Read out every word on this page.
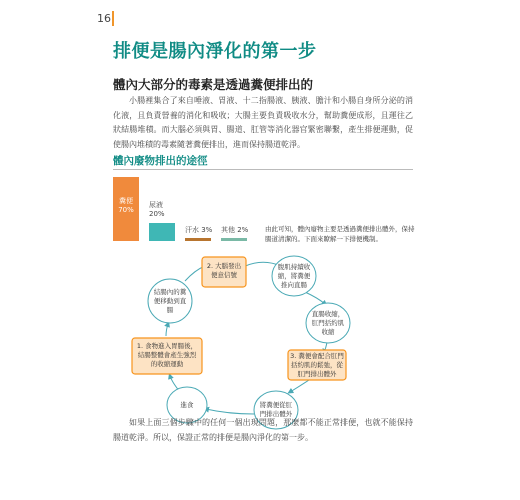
16
排便是腸內淨化的第一步
體內大部分的毒素是透過糞便排出的
小腸裡集合了來自唾液、胃液、十二指腸液、胰液、膽汁和小腸自身所分泌的消化液，且負責營養的消化和吸收；大腸主要負責吸收水分，幫助糞便成形，且運往乙狀結腸堆積。而大腦必須與胃、腸道、肛管等消化器官緊密聯繫，產生排便運動，促使腸內堆積的毒素隨著糞便排出，進而保持腸道乾淨。
體內廢物排出的途徑
糞便
70%
尿液
20%
汗水 3% 其他 2%	由此可知，體內廢物主要是透過糞便排出體外，保持腸道清潔的。下面來瞭解一下排便機制。
2. 大腦發出便意信號
腹肌持續收縮，將糞便推向直腸
直腸收縮，肛門括約肌收縮
3. 糞便會配合肛門括約肌的鬆弛，從肛門排出體外
將糞便從肛門排出體外
進食
1. 食物進入胃腸後，結腸整體會產生強烈的收縮運動
結腸內的糞便移動到直腸
如果上面三個步驟中的任何一個出現問題，那麼都不能正常排便，也就不能保持腸道乾淨。所以，保證正常的排便是腸內淨化的第一步。
